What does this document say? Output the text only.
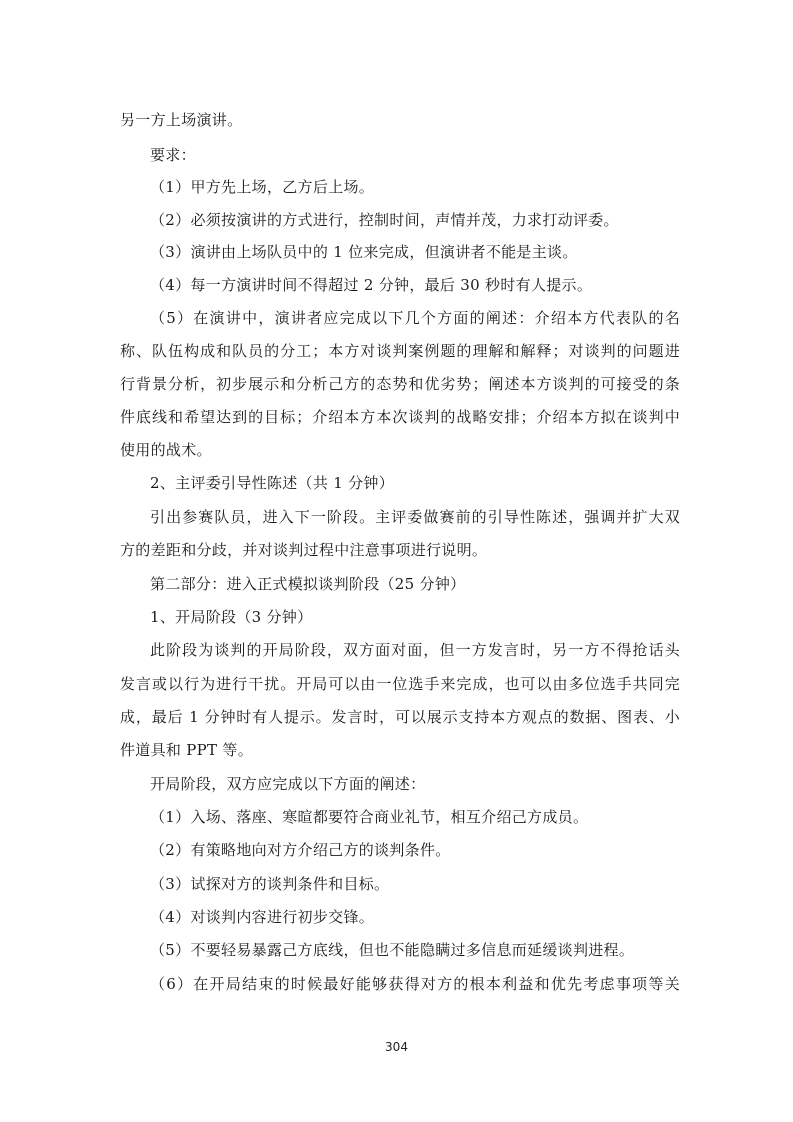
另一方上场演讲。
要求：
（1）甲方先上场，乙方后上场。
（2）必须按演讲的方式进行，控制时间，声情并茂，力求打动评委。
（3）演讲由上场队员中的 1 位来完成，但演讲者不能是主谈。
（4）每一方演讲时间不得超过 2 分钟，最后 30 秒时有人提示。
（5）在演讲中，演讲者应完成以下几个方面的阐述：介绍本方代表队的名
称、队伍构成和队员的分工；本方对谈判案例题的理解和解释；对谈判的问题进
行背景分析，初步展示和分析己方的态势和优劣势；阐述本方谈判的可接受的条
件底线和希望达到的目标；介绍本方本次谈判的战略安排；介绍本方拟在谈判中
使用的战术。
2、主评委引导性陈述（共 1 分钟）
引出参赛队员，进入下一阶段。主评委做赛前的引导性陈述，强调并扩大双
方的差距和分歧，并对谈判过程中注意事项进行说明。
第二部分：进入正式模拟谈判阶段（25 分钟）
1、开局阶段（3 分钟）
此阶段为谈判的开局阶段，双方面对面，但一方发言时，另一方不得抢话头
发言或以行为进行干扰。开局可以由一位选手来完成，也可以由多位选手共同完
成，最后 1 分钟时有人提示。发言时，可以展示支持本方观点的数据、图表、小
件道具和 PPT 等。
开局阶段，双方应完成以下方面的阐述：
（1）入场、落座、寒暄都要符合商业礼节，相互介绍己方成员。
（2）有策略地向对方介绍己方的谈判条件。
（3）试探对方的谈判条件和目标。
（4）对谈判内容进行初步交锋。
（5）不要轻易暴露己方底线，但也不能隐瞒过多信息而延缓谈判进程。
（6）在开局结束的时候最好能够获得对方的根本利益和优先考虑事项等关
304
